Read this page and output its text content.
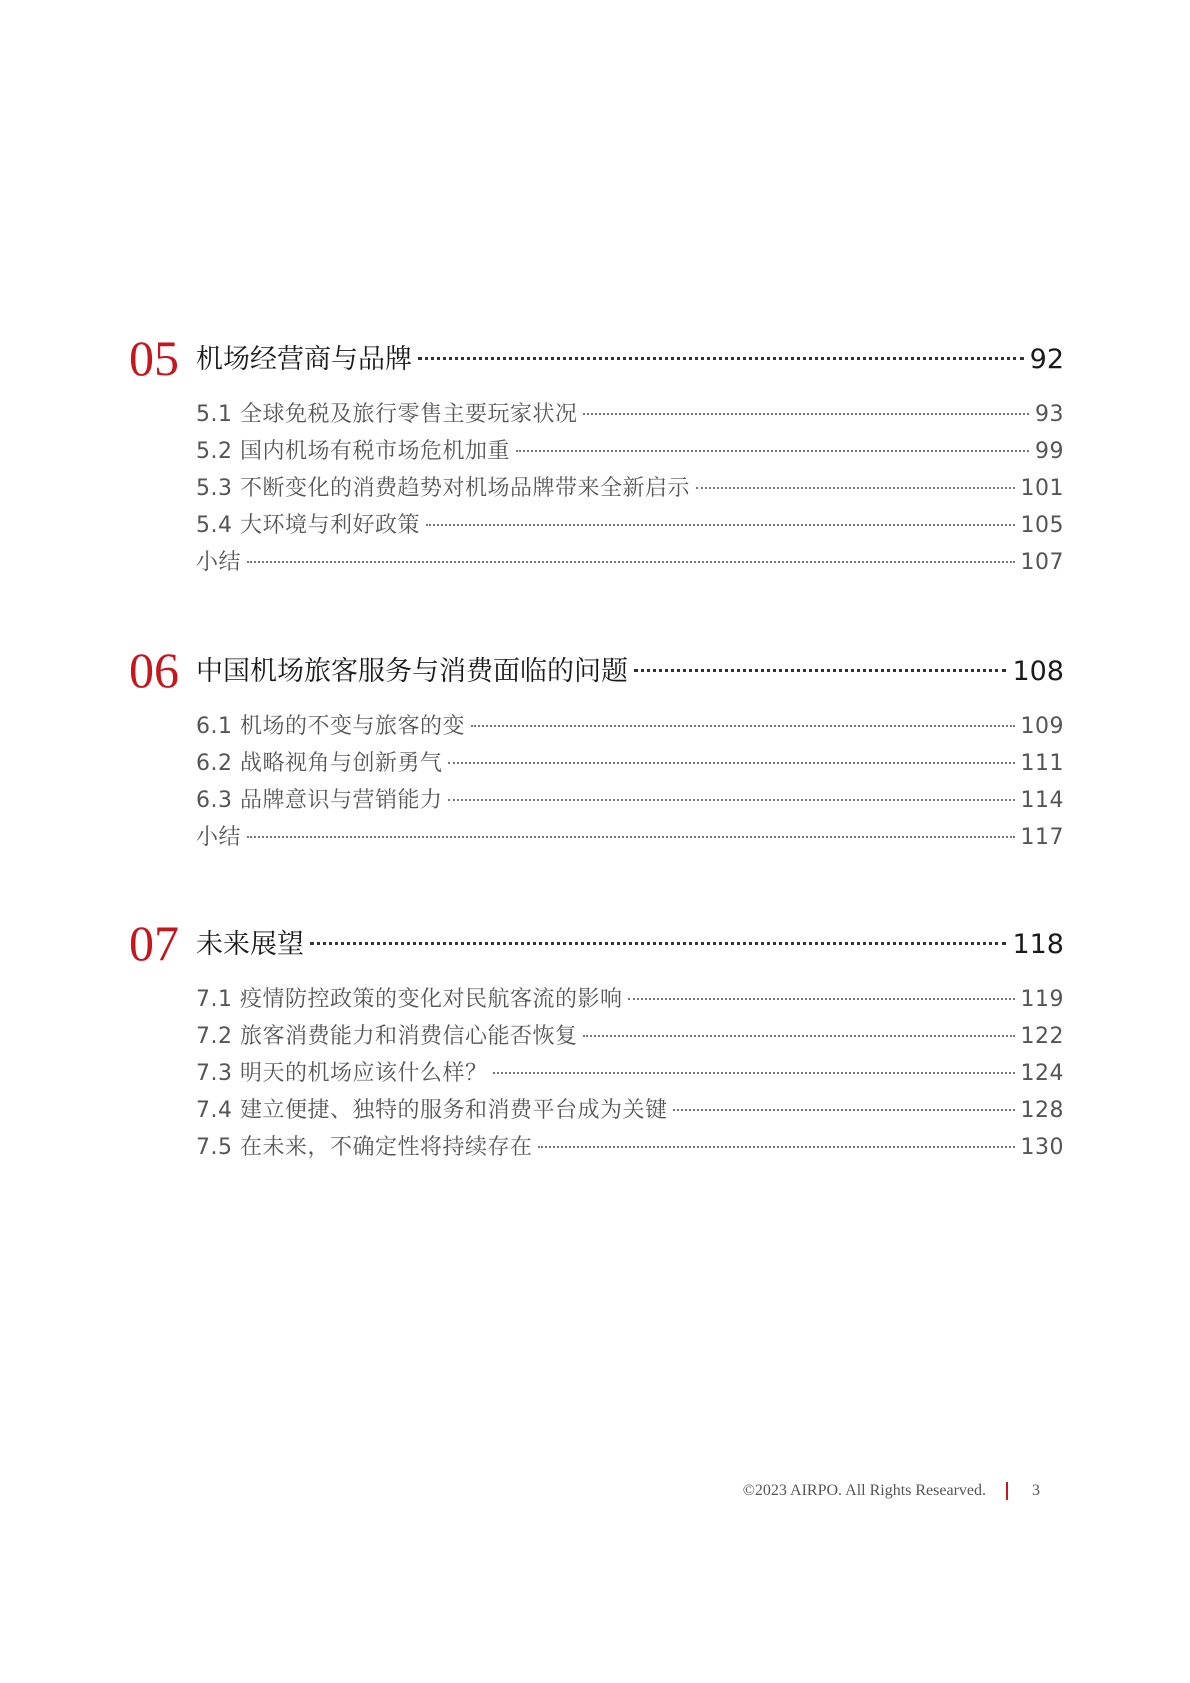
05 机场经营商与品牌	92
5.1 全球免税及旅行零售主要玩家状况	93
5.2 国内机场有税市场危机加重	99
5.3 不断变化的消费趋势对机场品牌带来全新启示	101
5.4 大环境与利好政策	105
小结	107
06 中国机场旅客服务与消费面临的问题	108
6.1 机场的不变与旅客的变	109
6.2 战略视角与创新勇气	111
6.3 品牌意识与营销能力	114
小结	117
07 未来展望	118
7.1 疫情防控政策的变化对民航客流的影响	119
7.2 旅客消费能力和消费信心能否恢复	122
7.3 明天的机场应该什么样？	124
7.4 建立便捷、独特的服务和消费平台成为关键	128
7.5 在未来，不确定性将持续存在	130
©2023 AIRPO. All Rights Researved.	3
